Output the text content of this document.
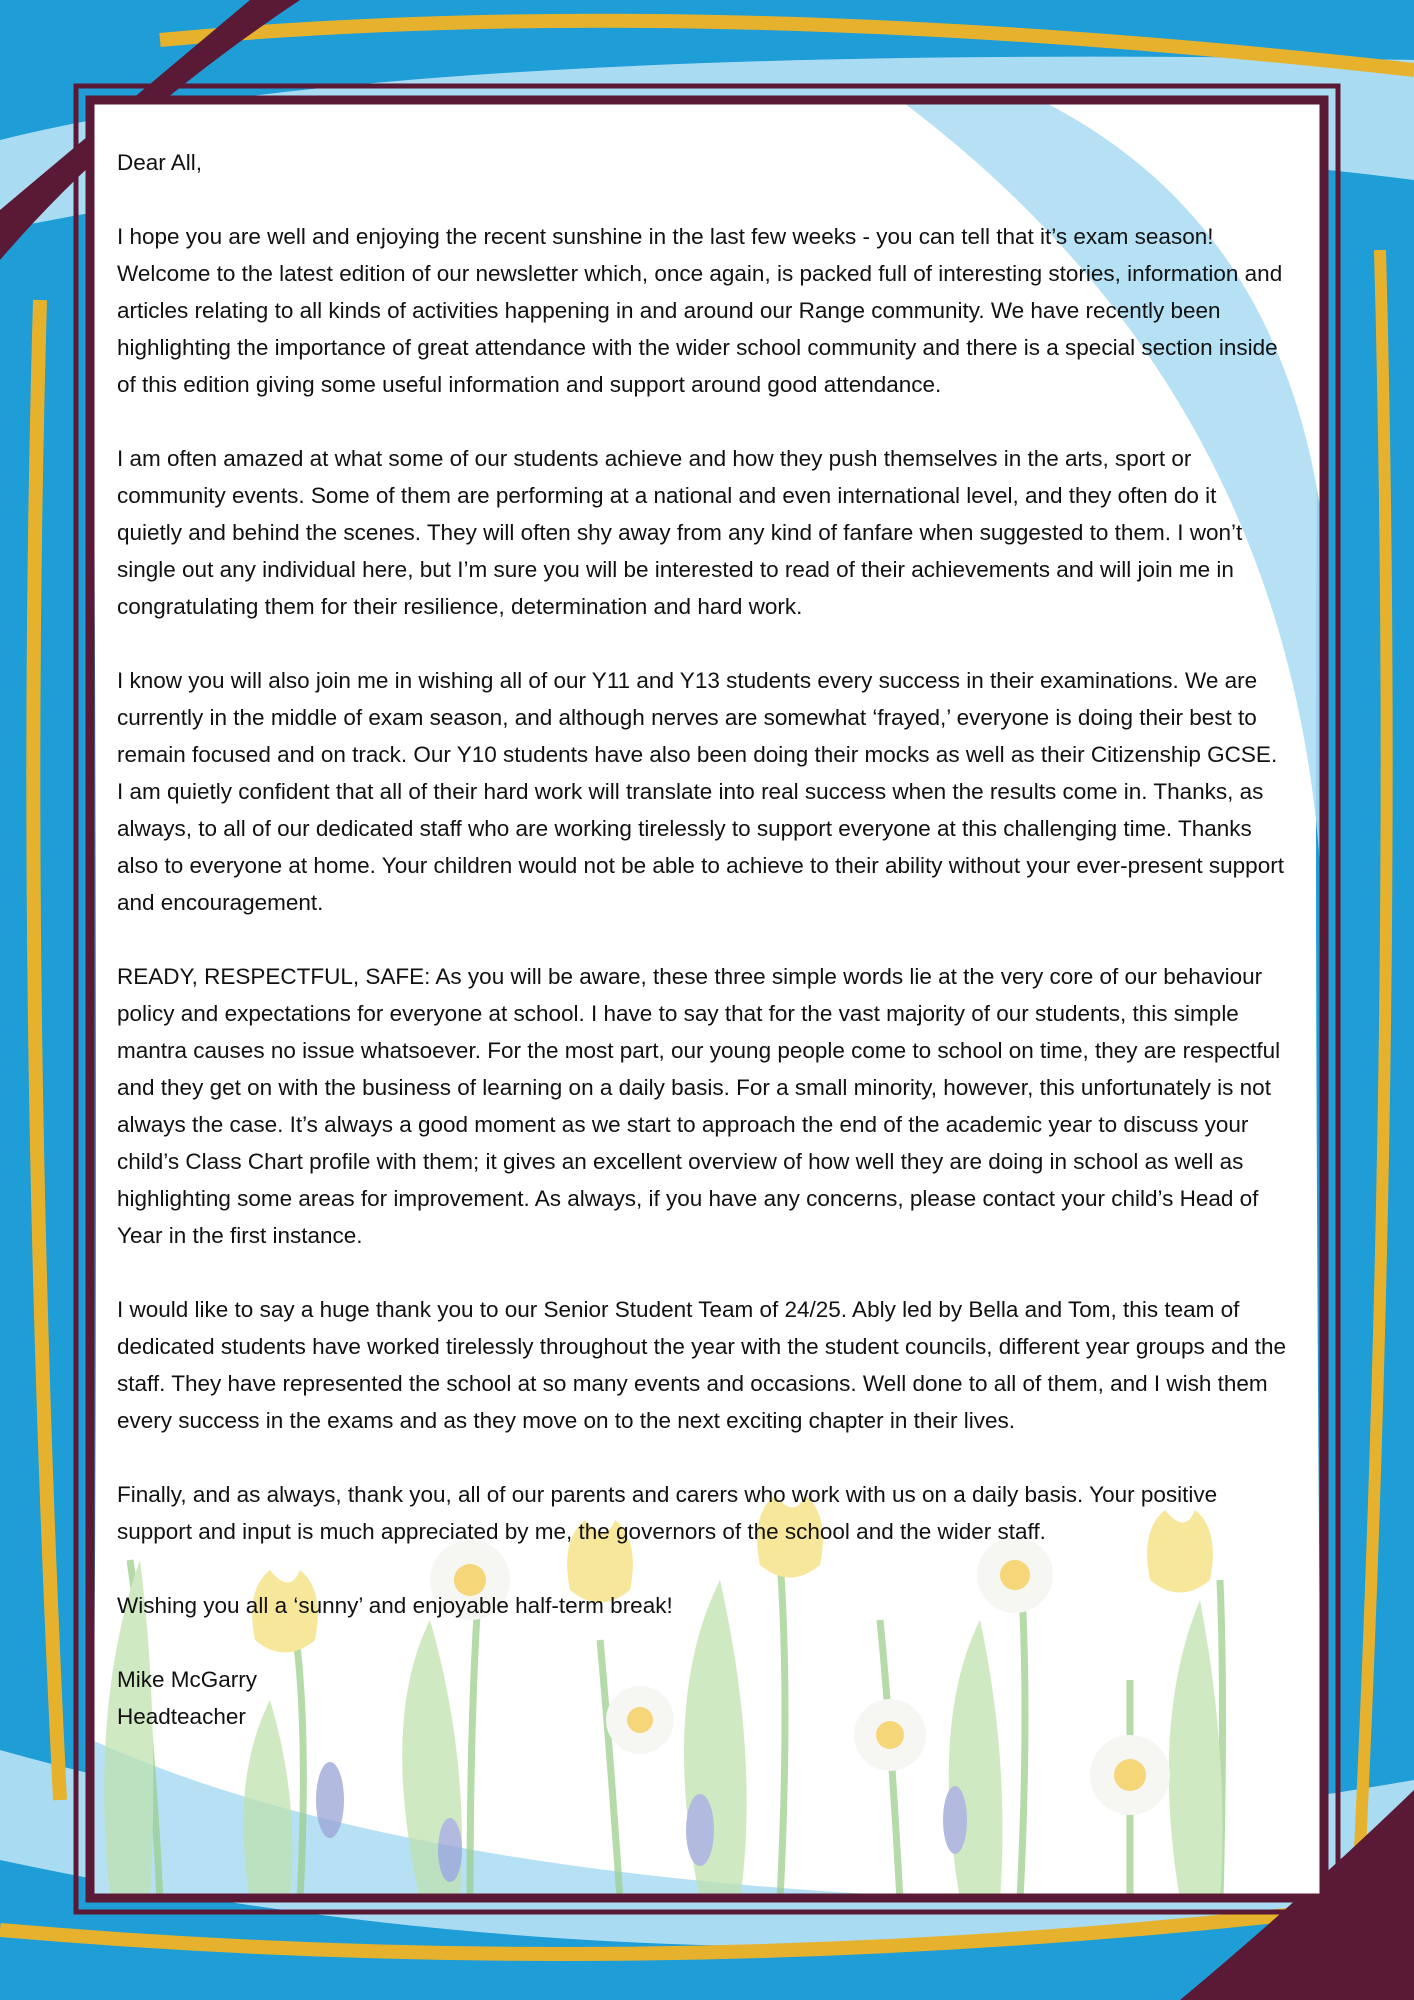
Dear All,

I hope you are well and enjoying the recent sunshine in the last few weeks - you can tell that it’s exam season! Welcome to the latest edition of our newsletter which, once again, is packed full of interesting stories, information and articles relating to all kinds of activities happening in and around our Range community. We have recently been highlighting the importance of great attendance with the wider school community and there is a special section inside of this edition giving some useful information and support around good attendance.

I am often amazed at what some of our students achieve and how they push themselves in the arts, sport or community events. Some of them are performing at a national and even international level, and they often do it quietly and behind the scenes. They will often shy away from any kind of fanfare when suggested to them. I won’t single out any individual here, but I’m sure you will be interested to read of their achievements and will join me in congratulating them for their resilience, determination and hard work.

I know you will also join me in wishing all of our Y11 and Y13 students every success in their examinations. We are currently in the middle of exam season, and although nerves are somewhat ‘frayed,’ everyone is doing their best to remain focused and on track. Our Y10 students have also been doing their mocks as well as their Citizenship GCSE. I am quietly confident that all of their hard work will translate into real success when the results come in. Thanks, as always, to all of our dedicated staff who are working tirelessly to support everyone at this challenging time. Thanks also to everyone at home. Your children would not be able to achieve to their ability without your ever-present support and encouragement.

READY, RESPECTFUL, SAFE: As you will be aware, these three simple words lie at the very core of our behaviour policy and expectations for everyone at school. I have to say that for the vast majority of our students, this simple mantra causes no issue whatsoever. For the most part, our young people come to school on time, they are respectful and they get on with the business of learning on a daily basis. For a small minority, however, this unfortunately is not always the case. It’s always a good moment as we start to approach the end of the academic year to discuss your child’s Class Chart profile with them; it gives an excellent overview of how well they are doing in school as well as highlighting some areas for improvement. As always, if you have any concerns, please contact your child’s Head of Year in the first instance.

I would like to say a huge thank you to our Senior Student Team of 24/25. Ably led by Bella and Tom, this team of dedicated students have worked tirelessly throughout the year with the student councils, different year groups and the staff. They have represented the school at so many events and occasions. Well done to all of them, and I wish them every success in the exams and as they move on to the next exciting chapter in their lives.

Finally, and as always, thank you, all of our parents and carers who work with us on a daily basis. Your positive support and input is much appreciated by me, the governors of the school and the wider staff.

Wishing you all a ‘sunny’ and enjoyable half-term break!

Mike McGarry

Headteacher
